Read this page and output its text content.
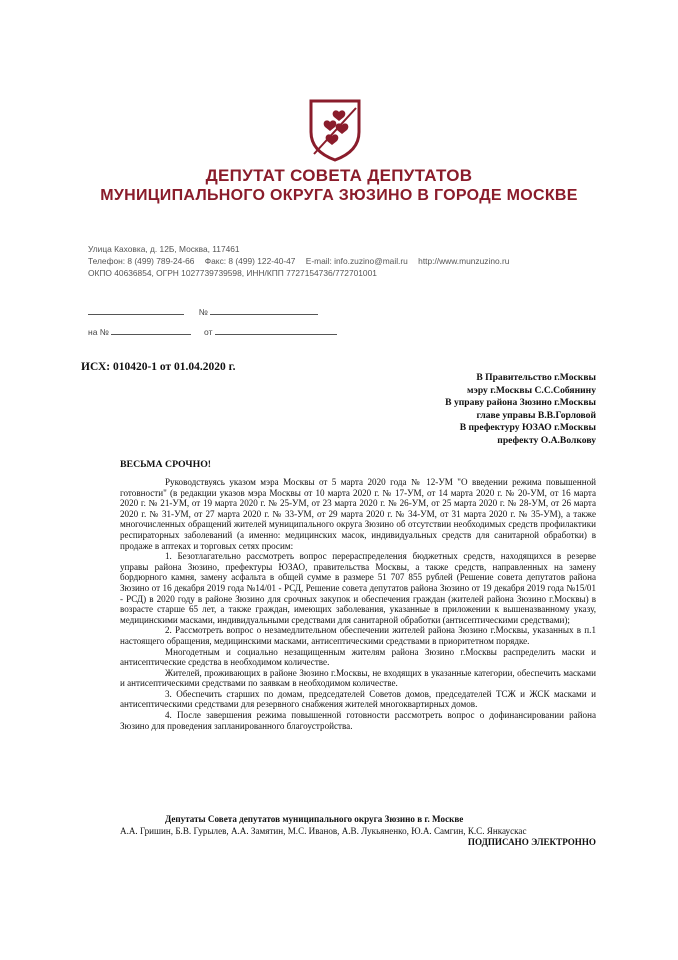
ДЕПУТАТ СОВЕТА ДЕПУТАТОВ
МУНИЦИПАЛЬНОГО ОКРУГА ЗЮЗИНО В ГОРОДЕ МОСКВЕ
Улица Каховка, д. 12Б, Москва, 117461
Телефон: 8 (499) 789-24-66 Факс: 8 (499) 122-40-47 E-mail: info.zuzino@mail.ru http://www.munzuzino.ru
ОКПО 40636854, ОГРН 1027739739598, ИНН/КПП 7727154736/772701001
№
на №	от
ИСХ: 010420-1 от 01.04.2020 г.
В Правительство г.Москвы
мэру г.Москвы С.С.Собянину
В управу района Зюзино г.Москвы
главе управы В.В.Горловой
В префектуру ЮЗАО г.Москвы
префекту О.А.Волкову
ВЕСЬМА СРОЧНО!

Руководствуясь указом мэра Москвы от 5 марта 2020 года № 12-УМ "О введении режима повышенной готовности" (в редакции указов мэра Москвы от 10 марта 2020 г. № 17-УМ, от 14 марта 2020 г. № 20-УМ, от 16 марта 2020 г. № 21-УМ, от 19 марта 2020 г. № 25-УМ, от 23 марта 2020 г. № 26-УМ, от 25 марта 2020 г. № 28-УМ, от 26 марта 2020 г. № 31-УМ, от 27 марта 2020 г. № 33-УМ, от 29 марта 2020 г. № 34-УМ, от 31 марта 2020 г. № 35-УМ), а также многочисленных обращений жителей муниципального округа Зюзино об отсутствии необходимых средств профилактики респираторных заболеваний (а именно: медицинских масок, индивидуальных средств для санитарной обработки) в продаже в аптеках и торговых сетях просим:

1. Безотлагательно рассмотреть вопрос перераспределения бюджетных средств, находящихся в резерве управы района Зюзино, префектуры ЮЗАО, правительства Москвы, а также средств, направленных на замену бордюрного камня, замену асфальта в общей сумме в размере 51 707 855 рублей (Решение совета депутатов района Зюзино от 16 декабря 2019 года №14/01 - РСД, Решение совета депутатов района Зюзино от 19 декабря 2019 года №15/01 - РСД) в 2020 году в районе Зюзино для срочных закупок и обеспечения граждан (жителей района Зюзино г.Москвы) в возрасте старше 65 лет, а также граждан, имеющих заболевания, указанные в приложении к вышеназванному указу, медицинскими масками, индивидуальными средствами для санитарной обработки (антисептическими средствами);

2. Рассмотреть вопрос о незамедлительном обеспечении жителей района Зюзино г.Москвы, указанных в п.1 настоящего обращения, медицинскими масками, антисептическими средствами в приоритетном порядке.

Многодетным и социально незащищенным жителям района Зюзино г.Москвы распределить маски и антисептические средства в необходимом количестве.

Жителей, проживающих в районе Зюзино г.Москвы, не входящих в указанные категории, обеспечить масками и антисептическими средствами по заявкам в необходимом количестве.

3. Обеспечить старших по домам, председателей Советов домов, председателей ТСЖ и ЖСК масками и антисептическими средствами для резервного снабжения жителей многоквартирных домов.

4. После завершения режима повышенной готовности рассмотреть вопрос о дофинансировании района Зюзино для проведения запланированного благоустройства.

Депутаты Совета депутатов муниципального округа Зюзино в г. Москве
А.А. Гришин, Б.В. Гурылев, А.А. Замятин, М.С. Иванов, А.В. Лукьяненко, Ю.А. Самгин, К.С. Янкаускас
ПОДПИСАНО ЭЛЕКТРОННО
